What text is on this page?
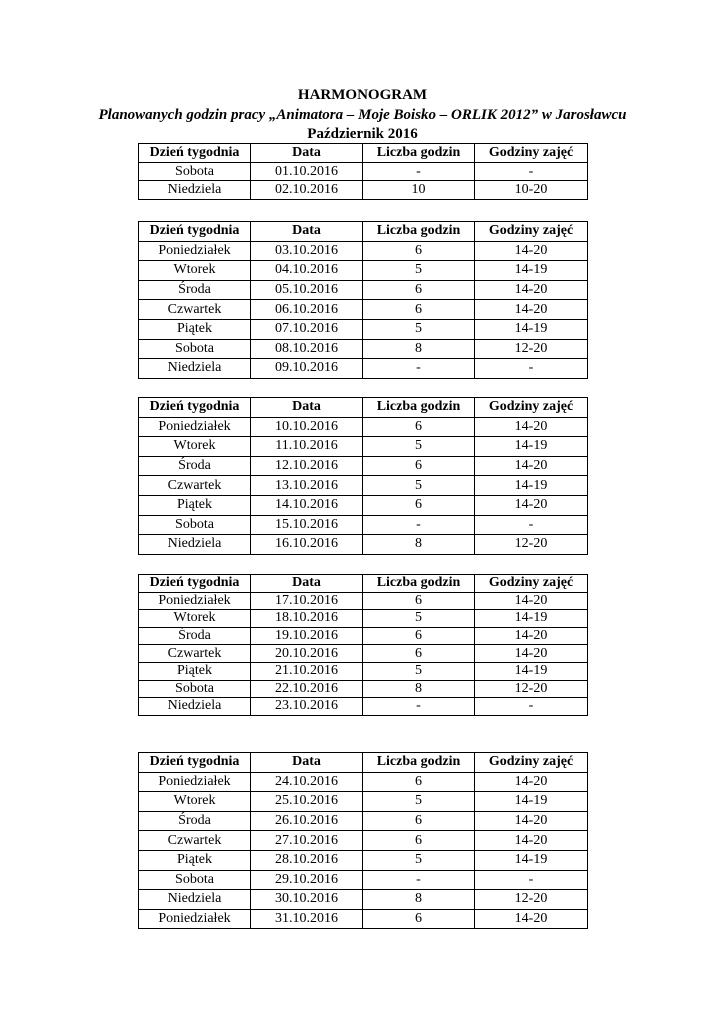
HARMONOGRAM
Planowanych godzin pracy „Animatora – Moje Boisko – ORLIK 2012” w Jarosławcu
Październik 2016
Dzień tygodnia	Data	Liczba godzin	Godziny zajęć
Sobota	01.10.2016	-	-
Niedziela	02.10.2016	10	10-20
Dzień tygodnia	Data	Liczba godzin	Godziny zajęć
Poniedziałek	03.10.2016	6	14-20
Wtorek	04.10.2016	5	14-19
Środa	05.10.2016	6	14-20
Czwartek	06.10.2016	6	14-20
Piątek	07.10.2016	5	14-19
Sobota	08.10.2016	8	12-20
Niedziela	09.10.2016	-	-
Dzień tygodnia	Data	Liczba godzin	Godziny zajęć
Poniedziałek	10.10.2016	6	14-20
Wtorek	11.10.2016	5	14-19
Środa	12.10.2016	6	14-20
Czwartek	13.10.2016	5	14-19
Piątek	14.10.2016	6	14-20
Sobota	15.10.2016	-	-
Niedziela	16.10.2016	8	12-20
Dzień tygodnia	Data	Liczba godzin	Godziny zajęć
Poniedziałek	17.10.2016	6	14-20
Wtorek	18.10.2016	5	14-19
Środa	19.10.2016	6	14-20
Czwartek	20.10.2016	6	14-20
Piątek	21.10.2016	5	14-19
Sobota	22.10.2016	8	12-20
Niedziela	23.10.2016	-	-
Dzień tygodnia	Data	Liczba godzin	Godziny zajęć
Poniedziałek	24.10.2016	6	14-20
Wtorek	25.10.2016	5	14-19
Środa	26.10.2016	6	14-20
Czwartek	27.10.2016	6	14-20
Piątek	28.10.2016	5	14-19
Sobota	29.10.2016	-	-
Niedziela	30.10.2016	8	12-20
Poniedziałek	31.10.2016	6	14-20
